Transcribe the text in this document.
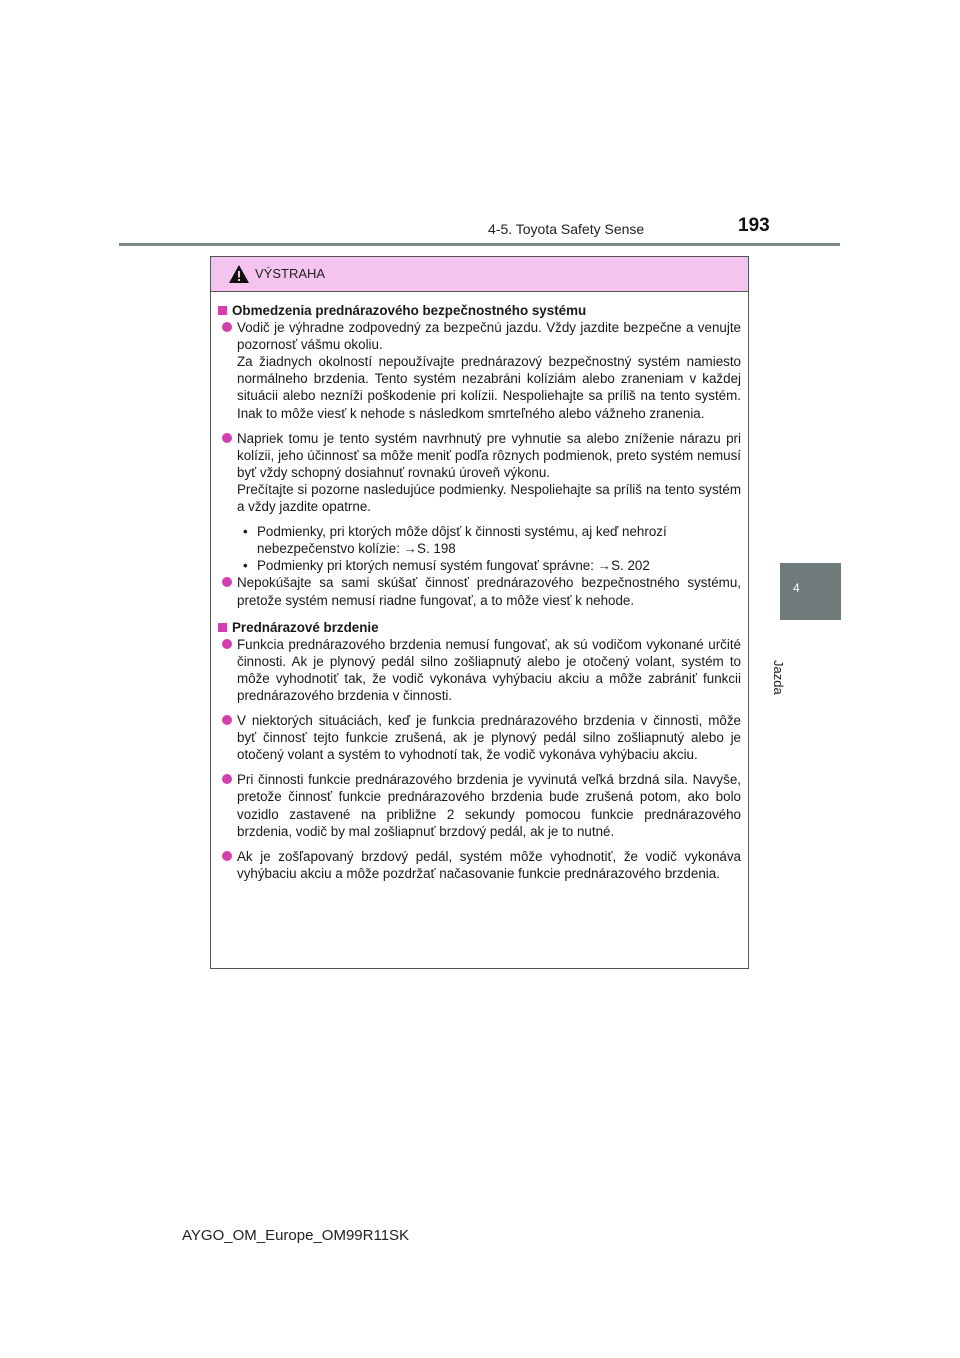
4-5. Toyota Safety Sense	193
4
Jazda
VÝSTRAHA
Obmedzenia prednárazového bezpečnostného systému
Vodič je výhradne zodpovedný za bezpečnú jazdu. Vždy jazdite bezpečne a venujte pozornosť vášmu okoliu.
Za žiadnych okolností nepoužívajte prednárazový bezpečnostný systém namiesto normálneho brzdenia. Tento systém nezabráni kolíziám alebo zraneniam v každej situácii alebo nezníži poškodenie pri kolízii. Nespoliehajte sa príliš na tento systém. Inak to môže viesť k nehode s následkom smrteľného alebo vážneho zranenia.
Napriek tomu je tento systém navrhnutý pre vyhnutie sa alebo zníženie nárazu pri kolízii, jeho účinnosť sa môže meniť podľa rôznych podmienok, preto systém nemusí byť vždy schopný dosiahnuť rovnakú úroveň výkonu.
Prečítajte si pozorne nasledujúce podmienky. Nespoliehajte sa príliš na tento systém a vždy jazdite opatrne.
• Podmienky, pri ktorých môže dôjsť k činnosti systému, aj keď nehrozí nebezpečenstvo kolízie: →S. 198
• Podmienky pri ktorých nemusí systém fungovať správne: →S. 202
Nepokúšajte sa sami skúšať činnosť prednárazového bezpečnostného systému, pretože systém nemusí riadne fungovať, a to môže viesť k nehode.
Prednárazové brzdenie
Funkcia prednárazového brzdenia nemusí fungovať, ak sú vodičom vykonané určité činnosti. Ak je plynový pedál silno zošliapnutý alebo je otočený volant, systém to môže vyhodnotiť tak, že vodič vykonáva vyhýbaciu akciu a môže zabrániť funkcii prednárazového brzdenia v činnosti.
V niektorých situáciách, keď je funkcia prednárazového brzdenia v činnosti, môže byť činnosť tejto funkcie zrušená, ak je plynový pedál silno zošliapnutý alebo je otočený volant a systém to vyhodnotí tak, že vodič vykonáva vyhýbaciu akciu.
Pri činnosti funkcie prednárazového brzdenia je vyvinutá veľká brzdná sila. Navyše, pretože činnosť funkcie prednárazového brzdenia bude zrušená potom, ako bolo vozidlo zastavené na približne 2 sekundy pomocou funkcie prednárazového brzdenia, vodič by mal zošliapnuť brzdový pedál, ak je to nutné.
Ak je zošľapovaný brzdový pedál, systém môže vyhodnotiť, že vodič vykonáva vyhýbaciu akciu a môže pozdržať načasovanie funkcie prednárazového brzdenia.
AYGO_OM_Europe_OM99R11SK
